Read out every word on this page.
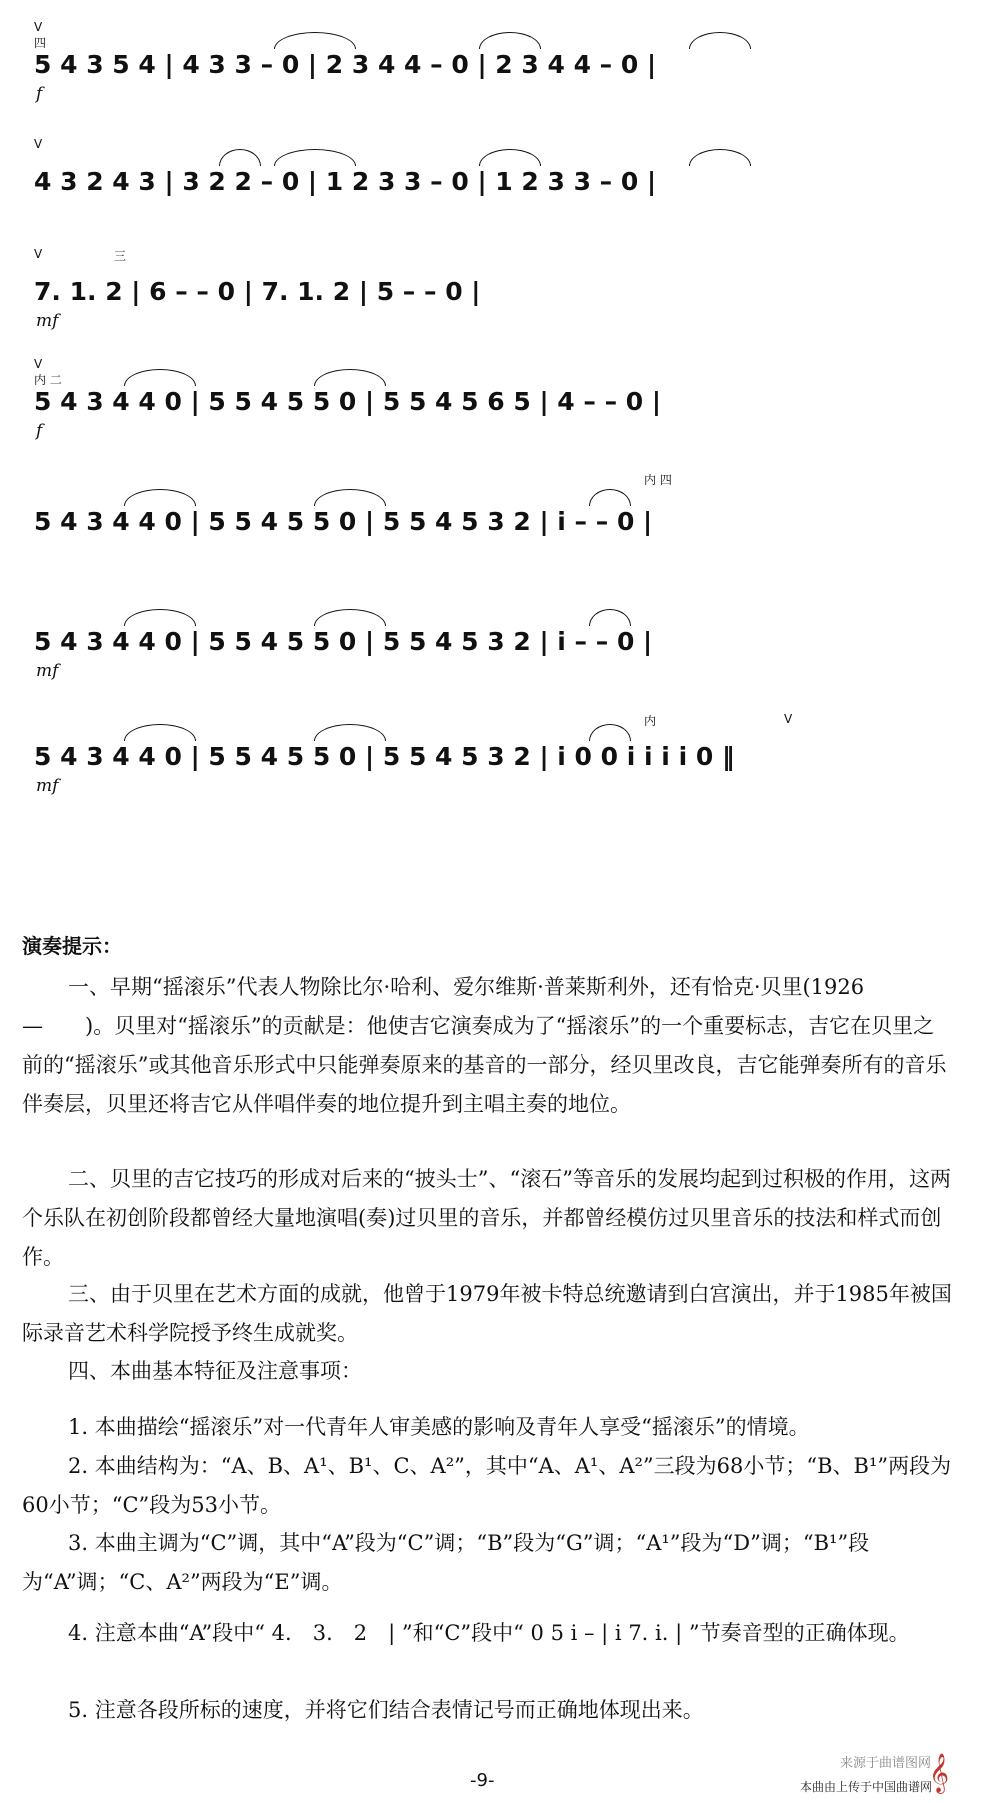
V
四
5 4 3 5 4 | 4 3 3 – 0 | 2 3 4 4 – 0 | 2 3 4 4 – 0 |
f
V
4 3 2 4 3 | 3 2 2 – 0 | 1 2 3 3 – 0 | 1 2 3 3 – 0 |
V	三
7. 1. 2 | 6 – – 0 | 7. 1. 2 | 5 – – 0 |
mf
V
内 二
5 4 3 4 4 0 | 5 5 4 5 5 0 | 5 5 4 5 6 5 | 4 – – 0 |
f
内 四
5 4 3 4 4 0 | 5 5 4 5 5 0 | 5 5 4 5 3 2 | i – – 0 |
5 4 3 4 4 0 | 5 5 4 5 5 0 | 5 5 4 5 3 2 | i – – 0 |
mf
内	V
5 4 3 4 4 0 | 5 5 4 5 5 0 | 5 5 4 5 3 2 | i 0 0 i i i i 0 ‖
mf
演奏提示：
一、早期“摇滚乐”代表人物除比尔·哈利、爱尔维斯·普莱斯利外，还有恰克·贝里(1926—　　)。贝里对“摇滚乐”的贡献是：他使吉它演奏成为了“摇滚乐”的一个重要标志，吉它在贝里之前的“摇滚乐”或其他音乐形式中只能弹奏原来的基音的一部分，经贝里改良，吉它能弹奏所有的音乐伴奏层，贝里还将吉它从伴唱伴奏的地位提升到主唱主奏的地位。
二、贝里的吉它技巧的形成对后来的“披头士”、“滚石”等音乐的发展均起到过积极的作用，这两个乐队在初创阶段都曾经大量地演唱(奏)过贝里的音乐，并都曾经模仿过贝里音乐的技法和样式而创作。
三、由于贝里在艺术方面的成就，他曾于1979年被卡特总统邀请到白宫演出，并于1985年被国际录音艺术科学院授予终生成就奖。
四、本曲基本特征及注意事项：
1. 本曲描绘“摇滚乐”对一代青年人审美感的影响及青年人享受“摇滚乐”的情境。
2. 本曲结构为：“A、B、A¹、B¹、C、A²”，其中“A、A¹、A²”三段为68小节；“B、B¹”两段为60小节；“C”段为53小节。
3. 本曲主调为“C”调，其中“A”段为“C”调；“B”段为“G”调；“A¹”段为“D”调；“B¹”段为“A”调；“C、A²”两段为“E”调。
4. 注意本曲“A”段中“ 4.　3.　2　| ”和“C”段中“ 0 5 i – | i 7. i. | ”节奏音型的正确体现。
5. 注意各段所标的速度，并将它们结合表情记号而正确地体现出来。
-9-
来源于曲谱图网
本曲由上传于中国曲谱网
𝄞
